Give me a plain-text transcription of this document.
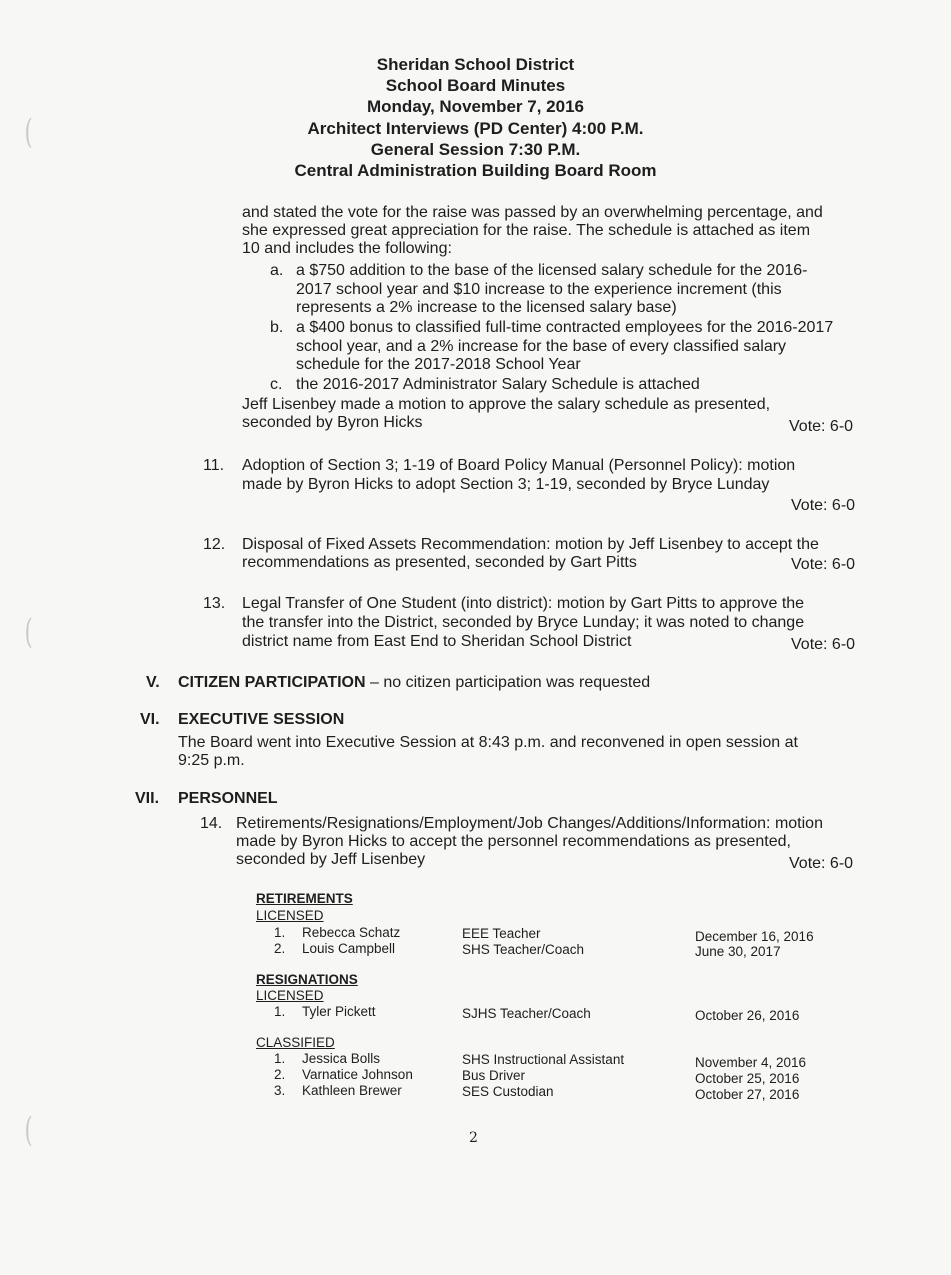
(
(
(
Sheridan School District
School Board Minutes
Monday, November 7, 2016
Architect Interviews (PD Center) 4:00 P.M.
General Session 7:30 P.M.
Central Administration Building Board Room
and stated the vote for the raise was passed by an overwhelming percentage, and
she expressed great appreciation for the raise. The schedule is attached as item
10 and includes the following:
a. a $750 addition to the base of the licensed salary schedule for the 2016-
2017 school year and $10 increase to the experience increment (this
represents a 2% increase to the licensed salary base)
b. a $400 bonus to classified full-time contracted employees for the 2016-2017
school year, and a 2% increase for the base of every classified salary
schedule for the 2017-2018 School Year
c. the 2016-2017 Administrator Salary Schedule is attached
Jeff Lisenbey made a motion to approve the salary schedule as presented,
seconded by Byron Hicks	Vote: 6-0
11. Adoption of Section 3; 1-19 of Board Policy Manual (Personnel Policy): motion
made by Byron Hicks to adopt Section 3; 1-19, seconded by Bryce Lunday
Vote: 6-0
12. Disposal of Fixed Assets Recommendation: motion by Jeff Lisenbey to accept the
recommendations as presented, seconded by Gart Pitts	Vote: 6-0
13. Legal Transfer of One Student (into district): motion by Gart Pitts to approve the
the transfer into the District, seconded by Bryce Lunday; it was noted to change
district name from East End to Sheridan School District	Vote: 6-0
V. CITIZEN PARTICIPATION – no citizen participation was requested
VI. EXECUTIVE SESSION
The Board went into Executive Session at 8:43 p.m. and reconvened in open session at
9:25 p.m.
VII. PERSONNEL
14. Retirements/Resignations/Employment/Job Changes/Additions/Information: motion
made by Byron Hicks to accept the personnel recommendations as presented,
seconded by Jeff Lisenbey	Vote: 6-0
RETIREMENTS
LICENSED
1. Rebecca Schatz	EEE Teacher	December 16, 2016
2. Louis Campbell	SHS Teacher/Coach	June 30, 2017
RESIGNATIONS
LICENSED
1. Tyler Pickett	SJHS Teacher/Coach	October 26, 2016
CLASSIFIED
1. Jessica Bolls	SHS Instructional Assistant	November 4, 2016
2. Varnatice Johnson	Bus Driver	October 25, 2016
3. Kathleen Brewer	SES Custodian	October 27, 2016
2
